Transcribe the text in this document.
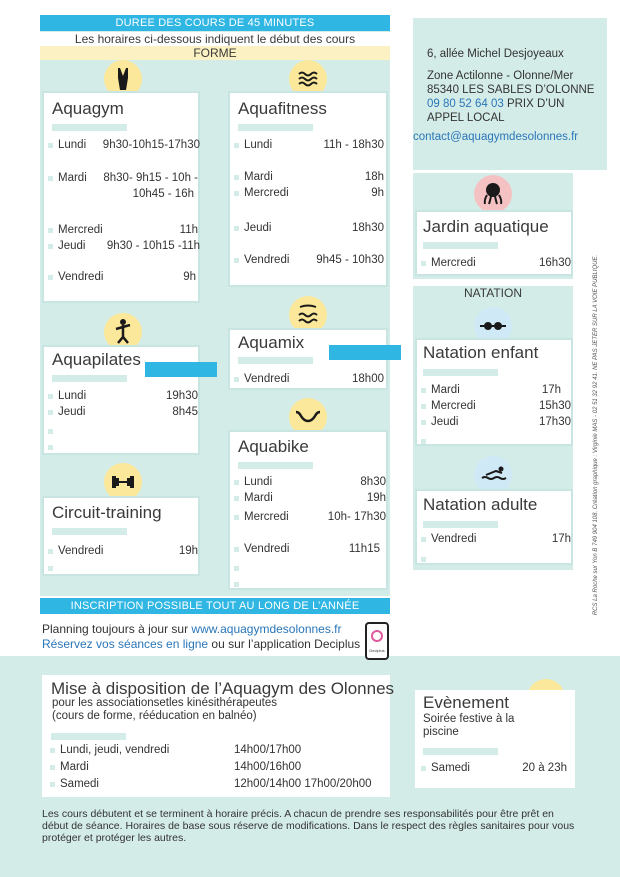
DUREE DES COURS DE 45 MINUTES
Les horaires ci-dessous indiquent le début des cours
FORME	6, allée Michel Desjoyeaux
Zone Actilonne - Olonne/Mer
85340 LES SABLES D’OLONNE
09 80 52 64 03 PRIX D’UN
APPEL LOCAL
contact@aquagymdesolonnes.fr
Aquagym
Lundi 9h30-10h15-17h30
Mardi 8h30- 9h15 - 10h -
10h45 - 16h
Mercredi	11h
Jeudi 9h30 - 10h15 -11h
Vendredi	9h
Aquafitness
Lundi	11h - 18h30
Mardi	18h
Mercredi	9h
Jeudi	18h30
Vendredi 9h45 - 10h30
Jardin aquatique
Mercredi	16h30
NATATION
Aquapilates
Lundi	19h30
Jeudi	8h45
Aquamix
Vendredi	18h00
Natation enfant
Mardi	17h
Mercredi	15h30
Jeudi	17h30
Aquabike
Lundi	8h30
Mardi	19h
Mercredi	10h- 17h30
Vendredi	11h15
Natation adulte
Vendredi	17h
Circuit-training
Vendredi	19h
INSCRIPTION POSSIBLE TOUT AU LONG DE L’ANNÉE
Planning toujours à jour sur www.aquagymdesolonnes.fr
Réservez vos séances en ligne ou sur l’application Deciplus	Deciplus
Mise à disposition de l’Aquagym des Olonnes
pour les associationsetles kinésithérapeutes
(cours de forme, rééducation en balnéo)
Lundi, jeudi, vendredi	14h00/17h00
Mardi	14h00/16h00
Samedi	12h00/14h00 17h00/20h00
Evènement
Soirée festive à la
piscine
Samedi	20 à 23h
Les cours débutent et se terminent à horaire précis. A chacun de prendre ses responsabilités pour être prêt en
début de séance. Horaires de base sous réserve de modifications. Dans le respect des règles sanitaires pour vous
protéger et protéger les autres.
RCS La Roche sur Yon B 749 904 108. Création graphique : Virginie MAS - 02 51 32 92 41. NE PAS JETER SUR LA VOIE PUBLIQUE.
